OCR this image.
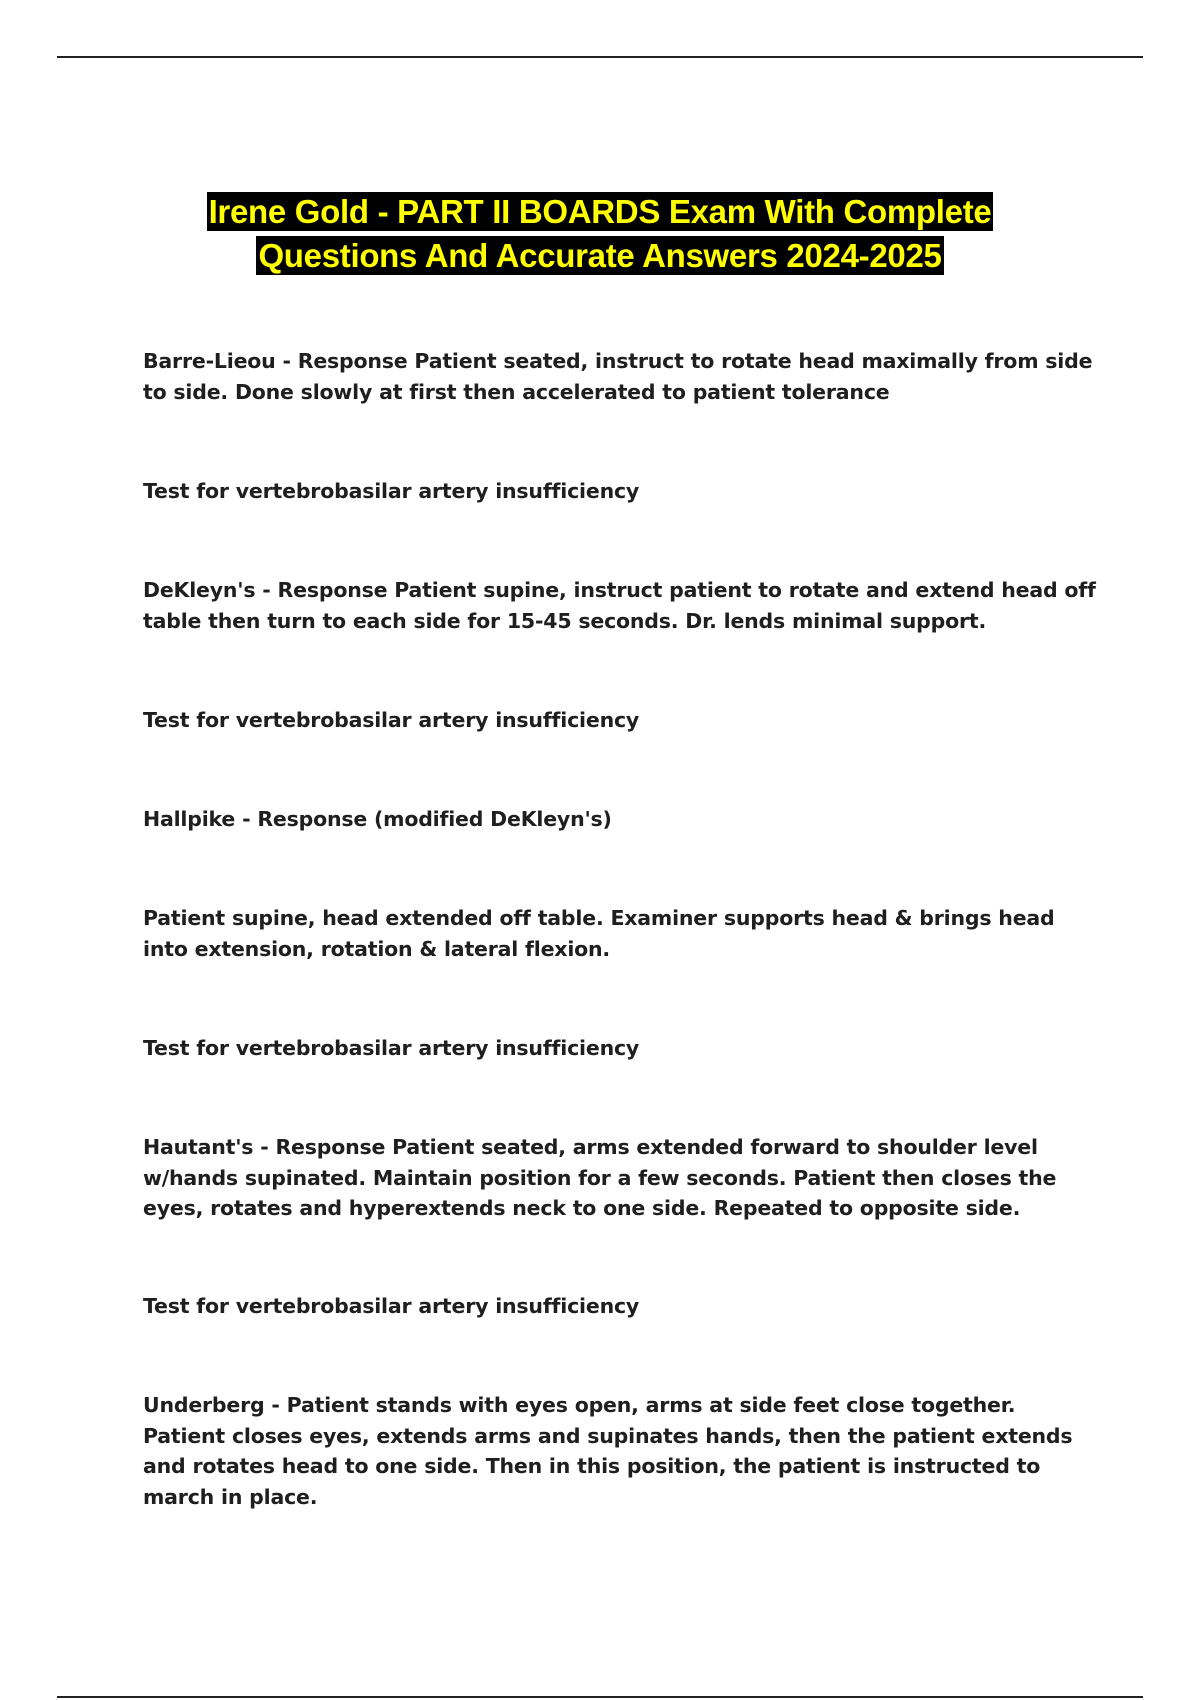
Irene Gold - PART II BOARDS Exam With Complete
Questions And Accurate Answers 2024-2025
Barre-Lieou - Response Patient seated, instruct to rotate head maximally from side to side. Done slowly at first then accelerated to patient tolerance
Test for vertebrobasilar artery insufficiency
DeKleyn's - Response Patient supine, instruct patient to rotate and extend head off table then turn to each side for 15-45 seconds. Dr. lends minimal support.
Test for vertebrobasilar artery insufficiency
Hallpike - Response (modified DeKleyn's)
Patient supine, head extended off table. Examiner supports head & brings head into extension, rotation & lateral flexion.
Test for vertebrobasilar artery insufficiency
Hautant's - Response Patient seated, arms extended forward to shoulder level w/hands supinated. Maintain position for a few seconds. Patient then closes the eyes, rotates and hyperextends neck to one side. Repeated to opposite side.
Test for vertebrobasilar artery insufficiency
Underberg - Patient stands with eyes open, arms at side feet close together. Patient closes eyes, extends arms and supinates hands, then the patient extends and rotates head to one side. Then in this position, the patient is instructed to march in place.
